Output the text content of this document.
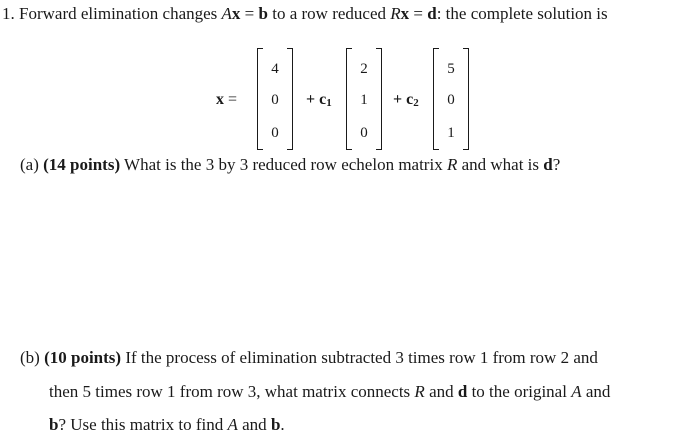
1. Forward elimination changes Ax = b to a row reduced Rx = d: the complete solution is
x =
4
0
0
+ $c_1$
2
1
0
+ $c_2$
5
0
1
(a) (14 points) What is the 3 by 3 reduced row echelon matrix R and what is d?
(b) (10 points) If the process of elimination subtracted 3 times row 1 from row 2 and
then 5 times row 1 from row 3, what matrix connects R and d to the original A and
b? Use this matrix to find A and b.
